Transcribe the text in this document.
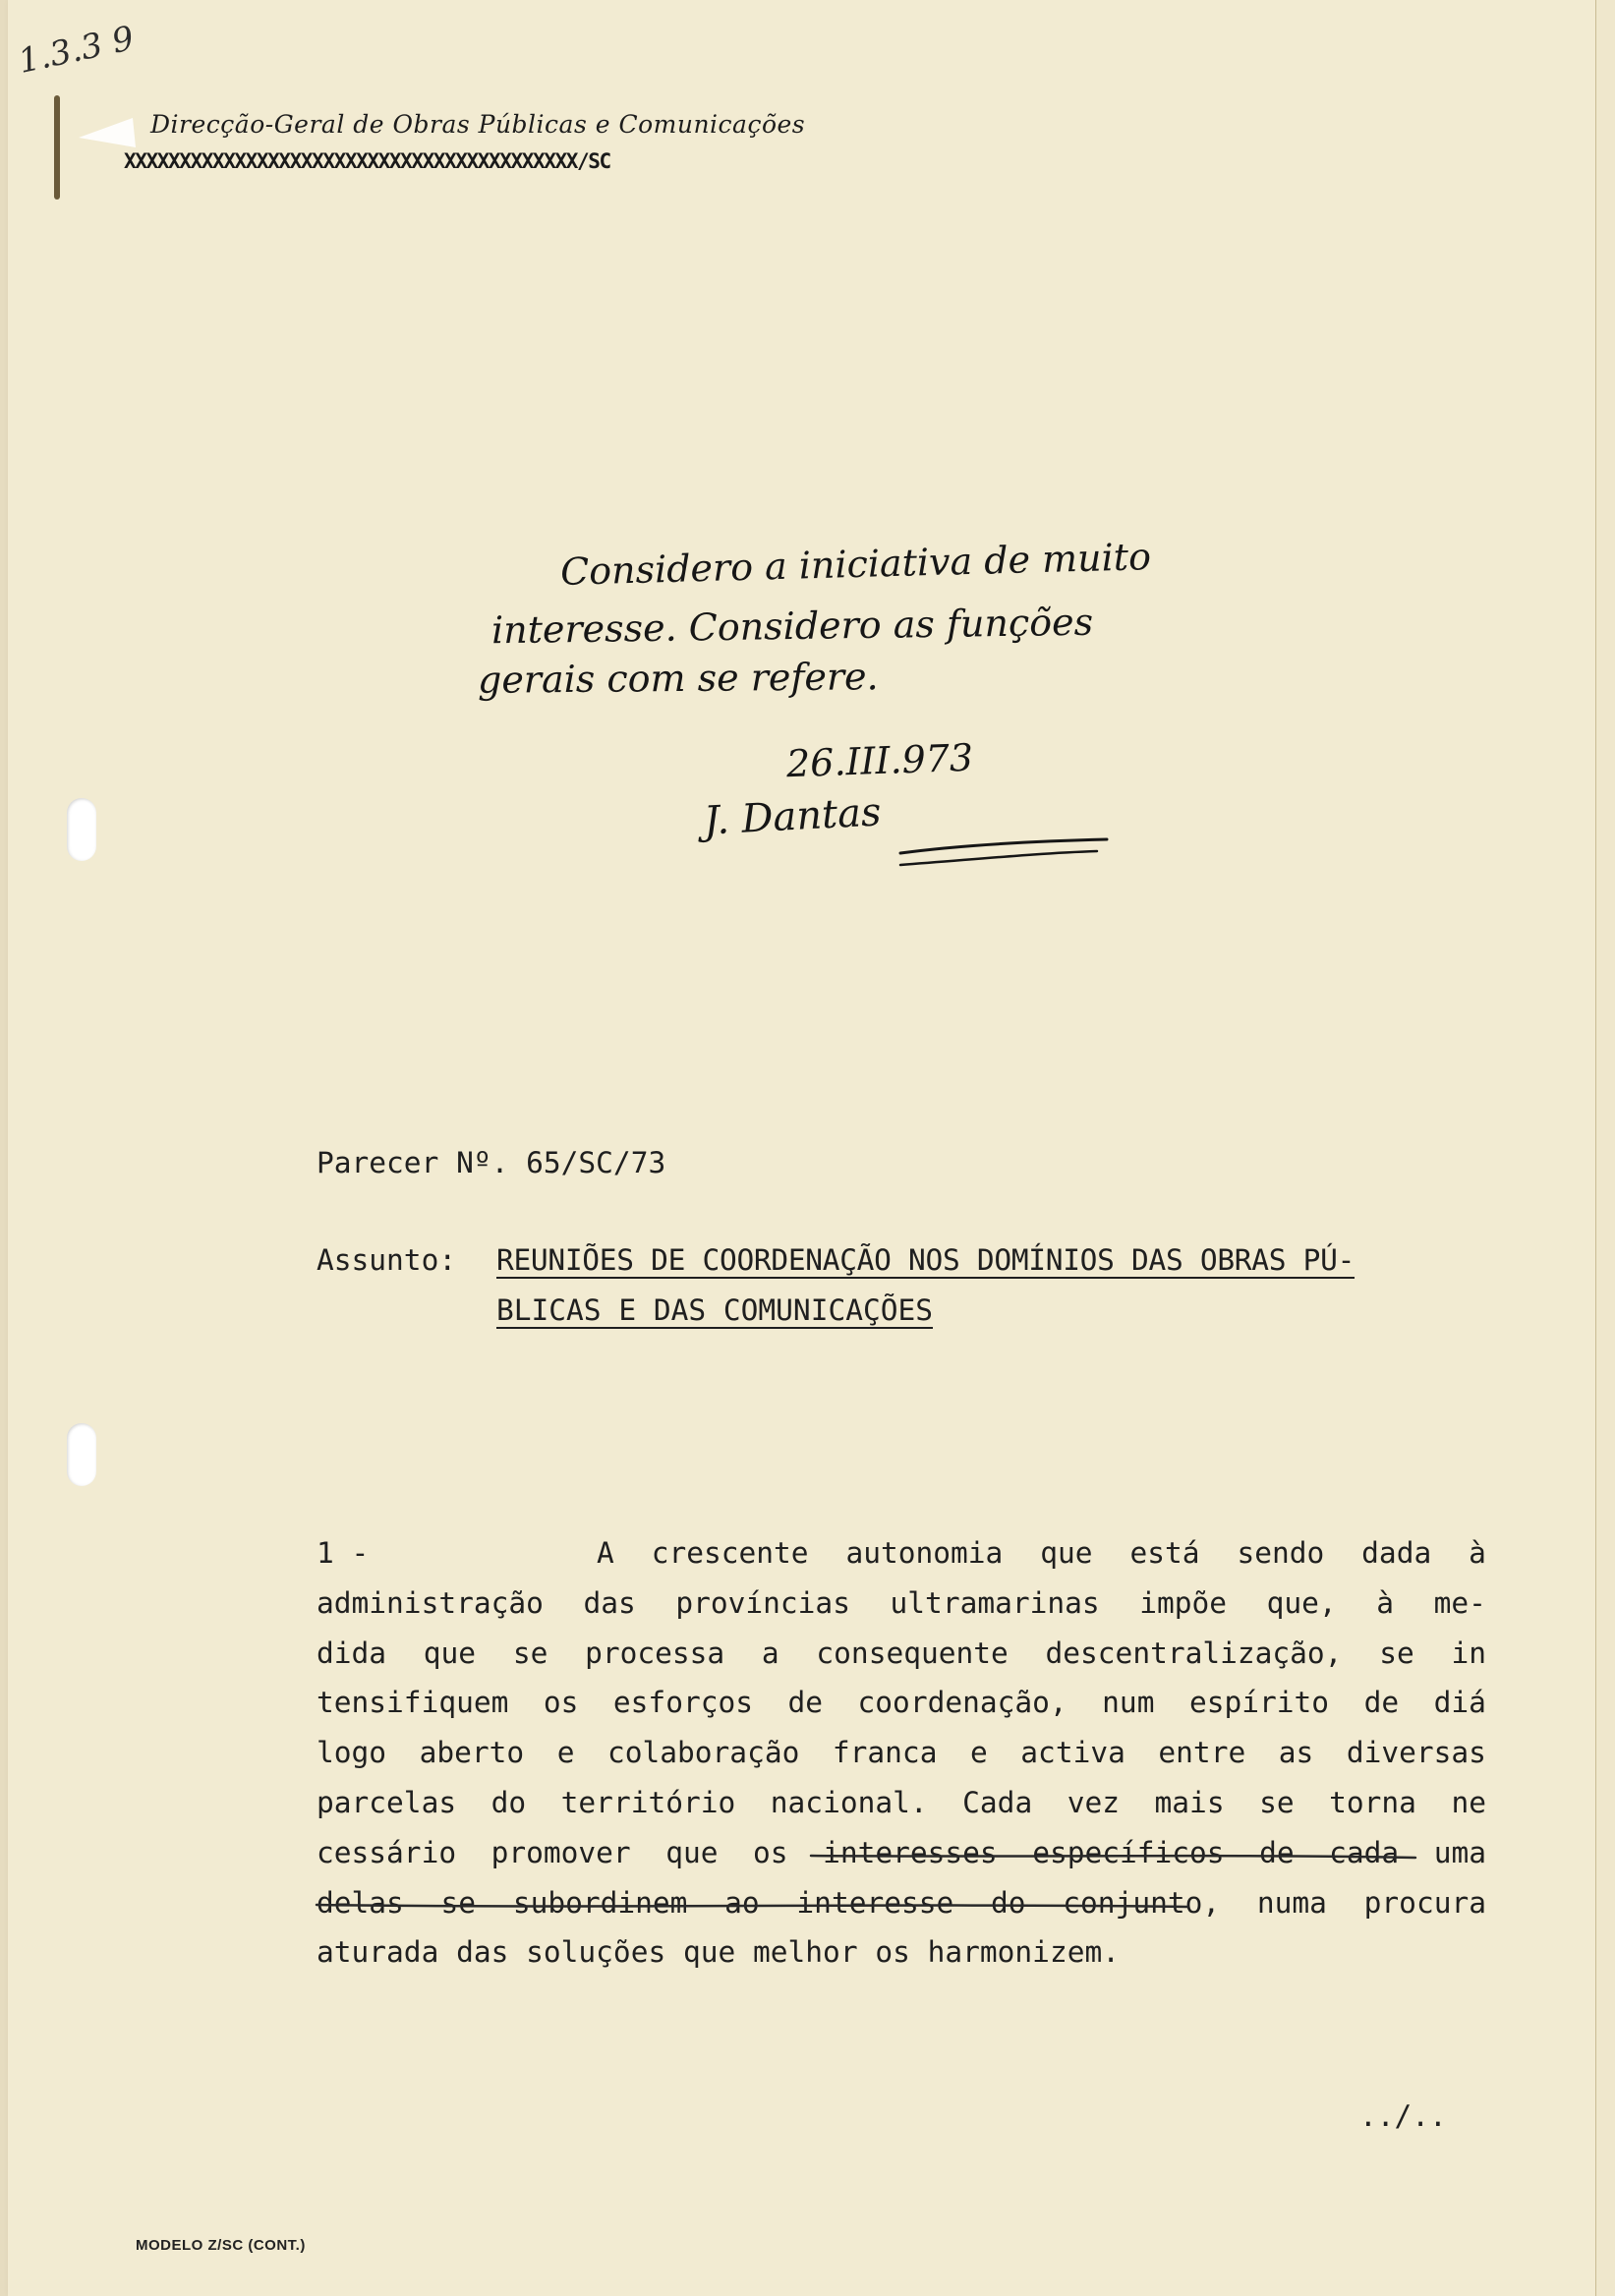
1.3.3 9
Direcção-Geral de Obras Públicas e Comunicações
XXXXXXXXXXXXXXXXXXXXXXXXXXXXXXXXXXXXXXXXX/SC
Considero a iniciativa de muito
interesse. Considero as funções
gerais com se refere.
26.III.973
J. Dantas
Parecer Nº. 65/SC/73
Assunto: REUNIÕES DE COORDENAÇÃO NOS DOMÍNIOS DAS OBRAS PÚ-
BLICAS E DAS COMUNICAÇÕES
1 -	A crescente autonomia que está sendo dada à
administração das províncias ultramarinas impõe que, à me-
dida que se processa a consequente descentralização, se in
tensifiquem os esforços de coordenação, num espírito de diá
logo aberto e colaboração franca e activa entre as diversas
parcelas do território nacional. Cada vez mais se torna ne
cessário promover que os interesses específicos de cada uma
delas se subordinem ao interesse do conjunto, numa procura
aturada das soluções que melhor os harmonizem.
../..
MODELO Z/SC (CONT.)
